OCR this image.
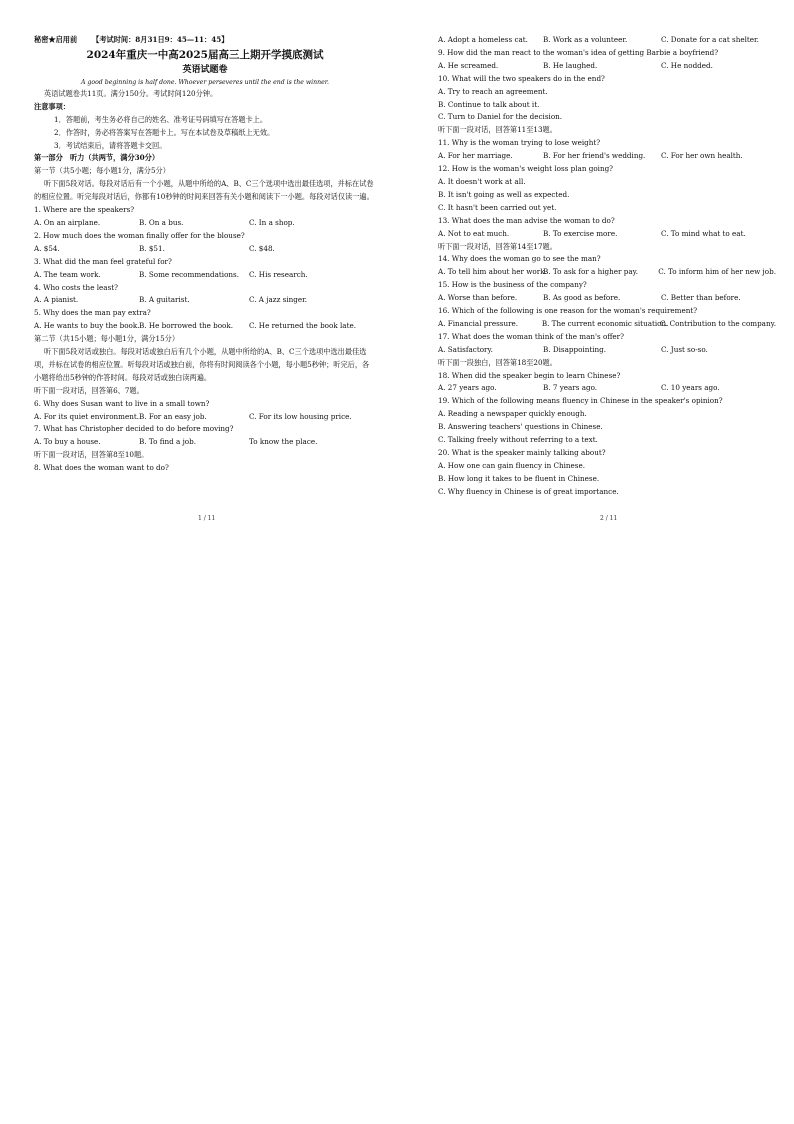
秘密★启用前 【考试时间：8月31日9：45—11：45】
2024年重庆一中高2025届高三上期开学摸底测试
英语试题卷
A good beginning is half done. Whoever perseveres until the end is the winner.
英语试题卷共11页。满分150分。考试时间120分钟。
注意事项：
1．答题前，考生务必将自己的姓名、准考证号码填写在答题卡上。
2．作答时，务必将答案写在答题卡上。写在本试卷及草稿纸上无效。
3．考试结束后，请将答题卡交回。
第一部分　听力（共两节，满分30分）
第一节（共5小题；每小题1分，满分5分）
听下面5段对话。每段对话后有一个小题，从题中所给的A、B、C三个选项中选出最佳选项，并标在试卷的相应位置。听完每段对话后，你都有10秒钟的时间来回答有关小题和阅读下一小题。每段对话仅读一遍。
1. Where are the speakers?
A. On an airplane.	B. On a bus.	C. In a shop.
2. How much does the woman finally offer for the blouse?
A. $54.	B. $51.	C. $48.
3. What did the man feel grateful for?
A. The team work.	B. Some recommendations.	C. His research.
4. Who costs the least?
A. A pianist.	B. A guitarist.	C. A jazz singer.
5. Why does the man pay extra?
A. He wants to buy the book. B. He borrowed the book.	C. He returned the book late.
第二节（共15小题；每小题1分，满分15分）
听下面5段对话或独白。每段对话或独白后有几个小题，从题中所给的A、B、C三个选项中选出最佳选项，并标在试卷的相应位置。听每段对话或独白前，你将有时间阅读各个小题，每小题5秒钟；听完后，各小题将给出5秒钟的作答时间。每段对话或独白读两遍。
听下面一段对话，回答第6、7题。
6. Why does Susan want to live in a small town?
A. For its quiet environment. B. For an easy job.	C. For its low housing price.
7. What has Christopher decided to do before moving?
A. To buy a house.	B. To find a job.	To know the place.
听下面一段对话，回答第8至10题。
8. What does the woman want to do?
A. Adopt a homeless cat.	B. Work as a volunteer.	C. Donate for a cat shelter.
9. How did the man react to the woman's idea of getting Barbie a boyfriend?
A. He screamed.	B. He laughed.	C. He nodded.
10. What will the two speakers do in the end?
A. Try to reach an agreement.
B. Continue to talk about it.
C. Turn to Daniel for the decision.
听下面一段对话，回答第11至13题。
11. Why is the woman trying to lose weight?
A. For her marriage.	B. For her friend's wedding.	C. For her own health.
12. How is the woman's weight loss plan going?
A. It doesn't work at all.
B. It isn't going as well as expected.
C. It hasn't been carried out yet.
13. What does the man advise the woman to do?
A. Not to eat much.	B. To exercise more.	C. To mind what to eat.
听下面一段对话，回答第14至17题。
14. Why does the woman go to see the man?
A. To tell him about her work.
B. To ask for a higher pay.	C. To inform him of her new job.
15. How is the business of the company?
A. Worse than before.	B. As good as before.	C. Better than before.
16. Which of the following is one reason for the woman's requirement?
A. Financial pressure.	B. The current economic situation.
C. Contribution to the company.
17. What does the woman think of the man's offer?
A. Satisfactory.	B. Disappointing.	C. Just so-so.
听下面一段独白，回答第18至20题。
18. When did the speaker begin to learn Chinese?
A. 27 years ago.	B. 7 years ago.	C. 10 years ago.
19. Which of the following means fluency in Chinese in the speaker's opinion?
A. Reading a newspaper quickly enough.
B. Answering teachers' questions in Chinese.
C. Talking freely without referring to a text.
20. What is the speaker mainly talking about?
A. How one can gain fluency in Chinese.
B. How long it takes to be fluent in Chinese.
C. Why fluency in Chinese is of great importance.
1 / 11	2 / 11
